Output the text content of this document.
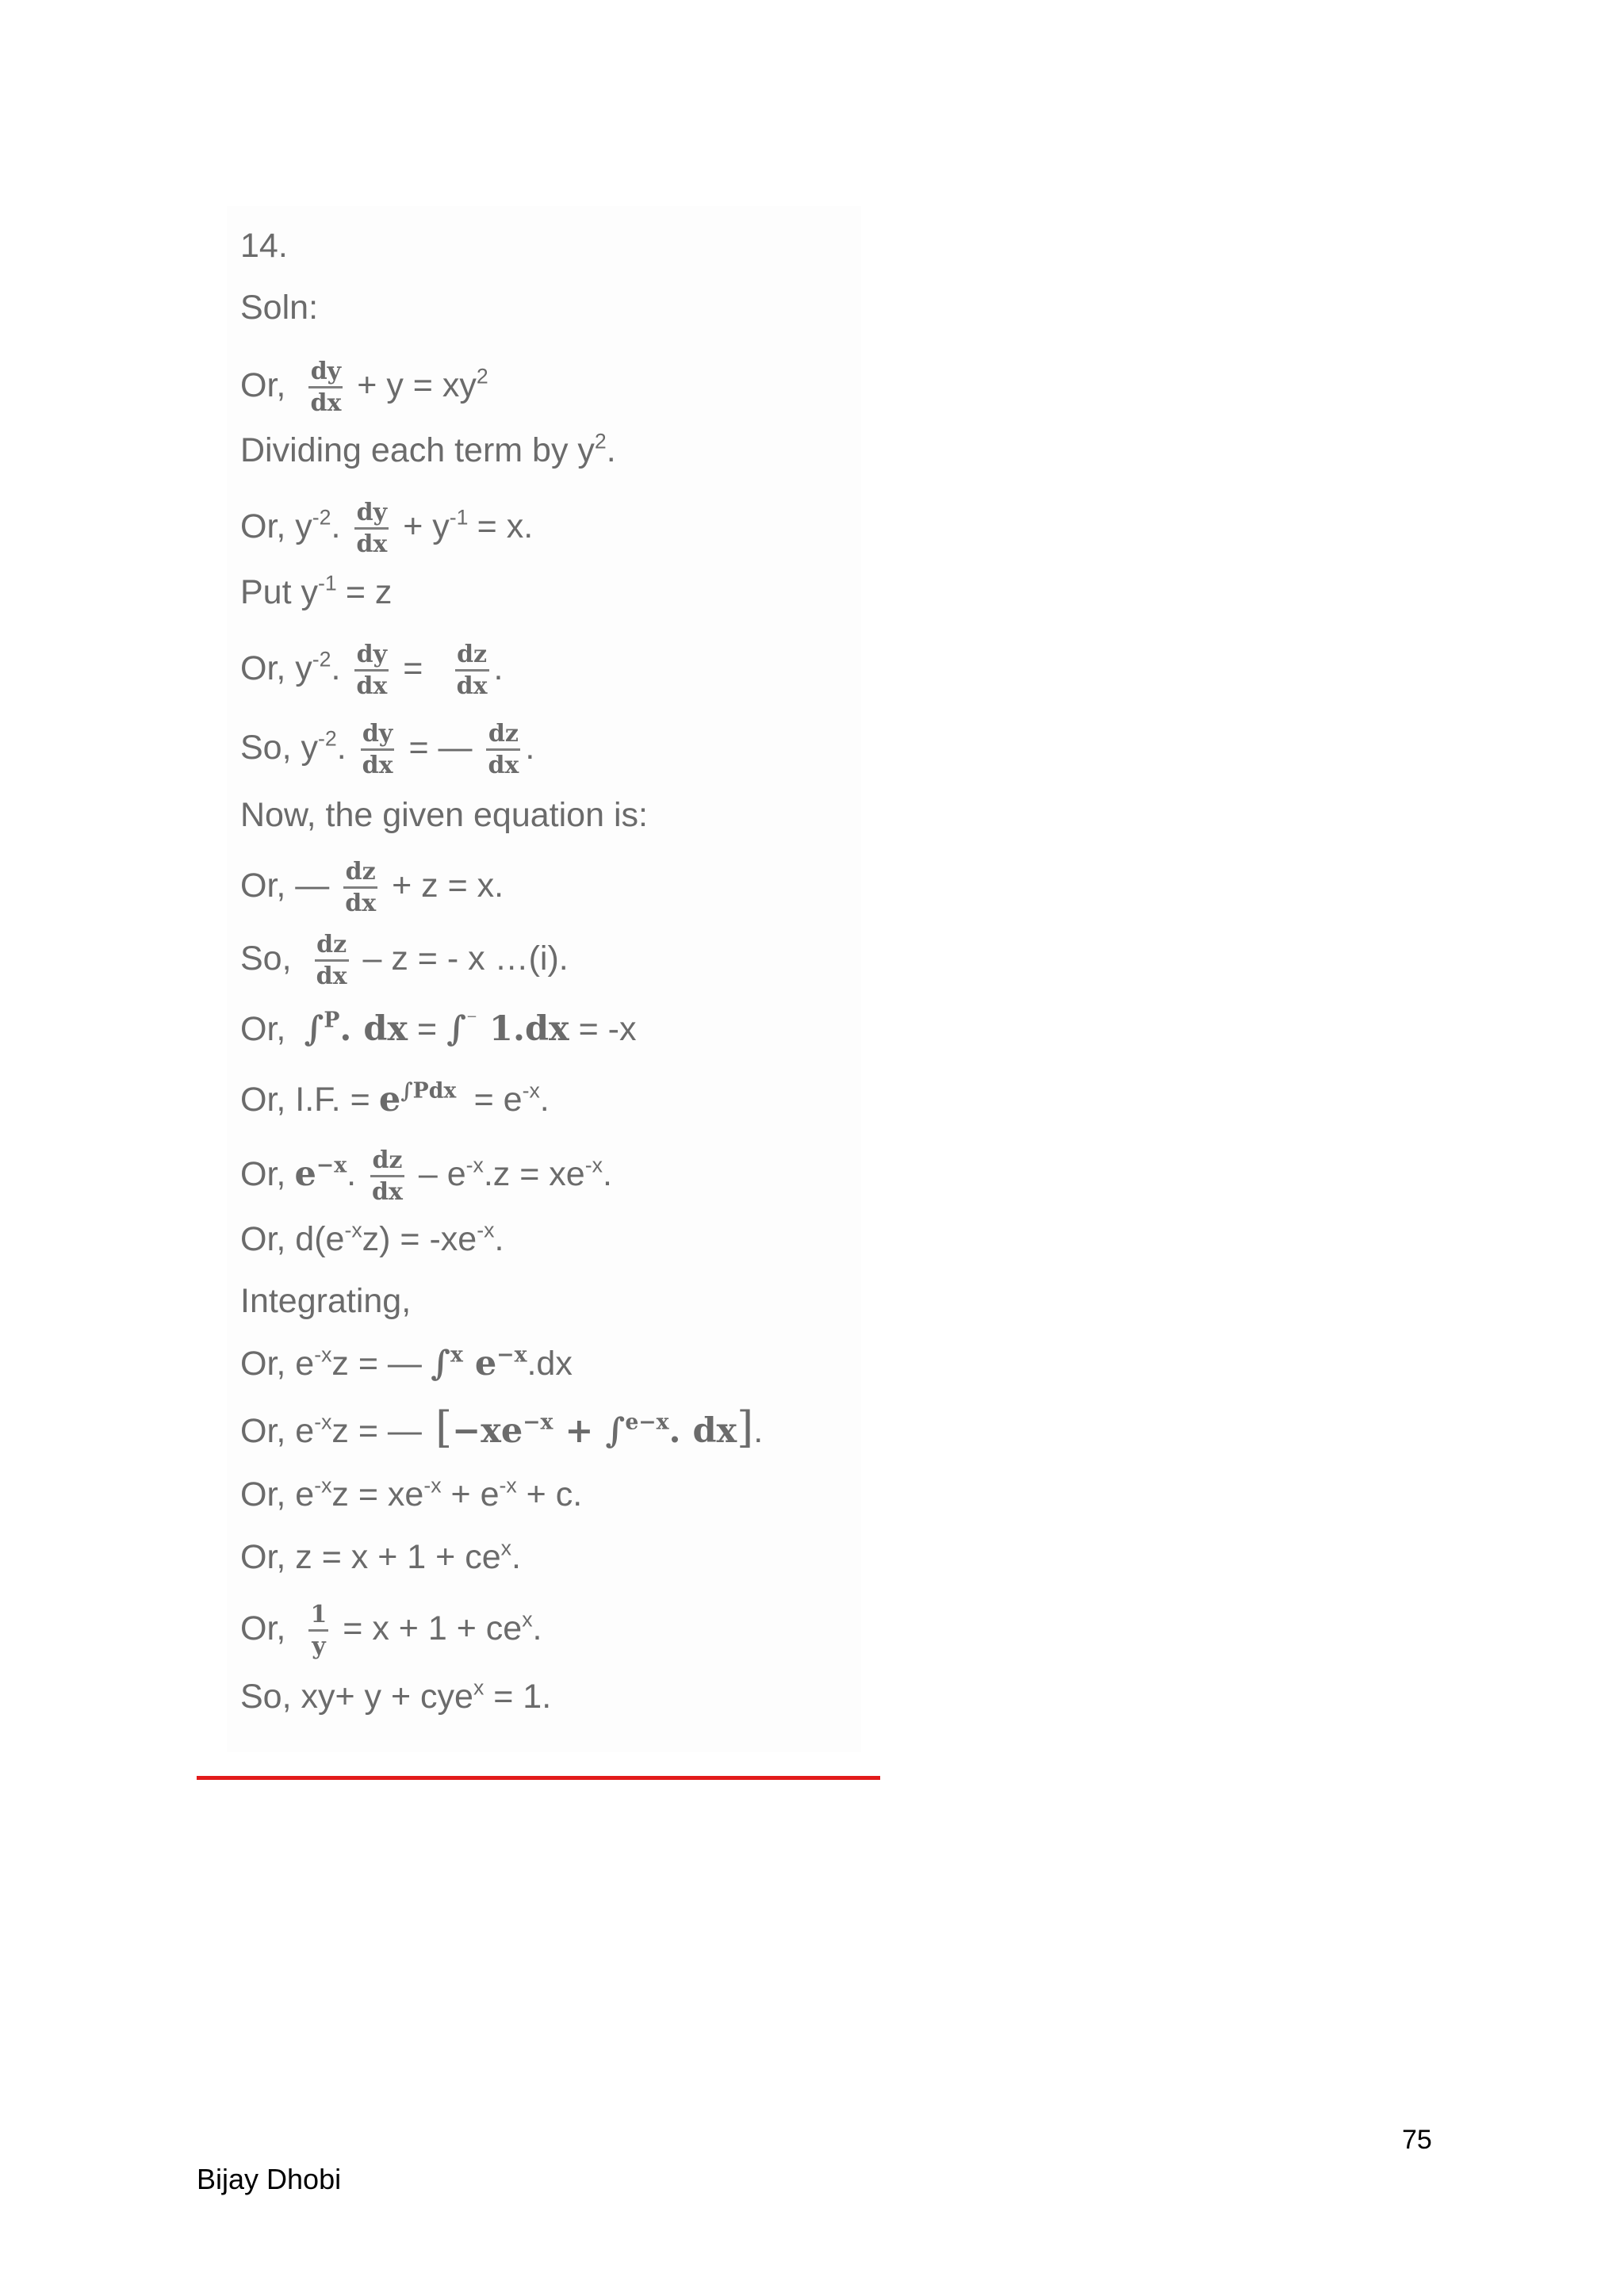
14.
Soln:
Or, $\frac{dy}{dx} + y = xy^2$
Dividing each term by $y^2$.
Or, $y^{-2}$. $\frac{dy}{dx} + y^{-1} = x$.
Put $y^{-1} = z$
Or, $y^{-2}$. $\frac{dy}{dx} = \frac{dz}{dx}$ .
So, $y^{-2}$. $\frac{dy}{dx}$ = — $\frac{dz}{dx}$ .
Now, the given equation is:
Or, — $\frac{dz}{dx} + z = x$.
So, $\frac{dz}{dx}$ – z = - x …(i).
Or, ∫$^P$. dx = ∫⁻ 1.dx = -x
Or, I.F. = $e^{\int Pdx} = e^{-x}$.
Or, $e^{-x}$. $\frac{dz}{dx} - e^{-x}.z = xe^{-x}$.
Or, $d(e^{-x}z) = -xe^{-x}$.
Integrating,
Or, $e^{-x}z$ = — ∫$^x$ $e^{-x}.dx$
Or, $e^{-x}z$ = — [$-xe^{-x} + \int^{e-x}$. dx].
Or, $e^{-x}z = xe^{-x} + e^{-x} + c$.
Or, $z = x + 1 + ce^x$.
Or, $\frac{1}{y} = x + 1 + ce^x$.
So, xy+ y + cye$^x$ = 1.
75
Bijay Dhobi
